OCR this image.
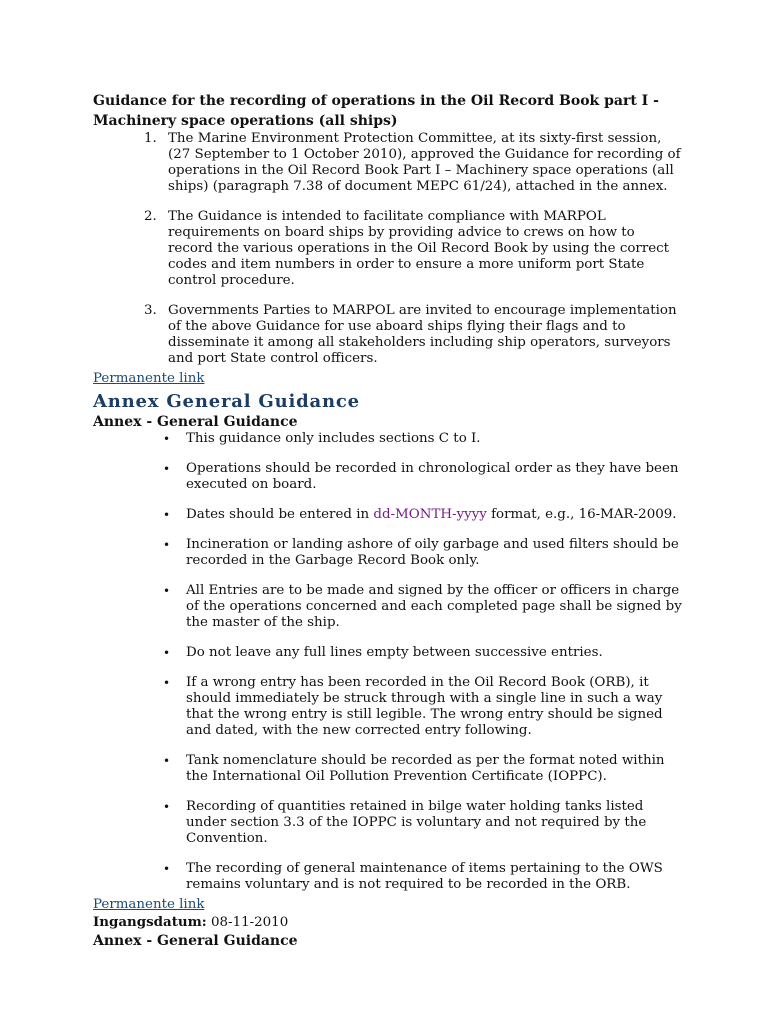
Guidance for the recording of operations in the Oil Record Book part I - Machinery space operations (all ships)

1. The Marine Environment Protection Committee, at its sixty-first session, (27 September to 1 October 2010), approved the Guidance for recording of operations in the Oil Record Book Part I – Machinery space operations (all ships) (paragraph 7.38 of document MEPC 61/24), attached in the annex.
2. The Guidance is intended to facilitate compliance with MARPOL requirements on board ships by providing advice to crews on how to record the various operations in the Oil Record Book by using the correct codes and item numbers in order to ensure a more uniform port State control procedure.
3. Governments Parties to MARPOL are invited to encourage implementation of the above Guidance for use aboard ships flying their flags and to disseminate it among all stakeholders including ship operators, surveyors and port State control officers.
Permanente link
Annex General Guidance

Annex - General Guidance

• This guidance only includes sections C to I.
• Operations should be recorded in chronological order as they have been executed on board.
• Dates should be entered in dd-MONTH-yyyy format, e.g., 16-MAR-2009.
• Incineration or landing ashore of oily garbage and used filters should be recorded in the Garbage Record Book only.
• All Entries are to be made and signed by the officer or officers in charge of the operations concerned and each completed page shall be signed by the master of the ship.
• Do not leave any full lines empty between successive entries.
• If a wrong entry has been recorded in the Oil Record Book (ORB), it should immediately be struck through with a single line in such a way that the wrong entry is still legible. The wrong entry should be signed and dated, with the new corrected entry following.
• Tank nomenclature should be recorded as per the format noted within the International Oil Pollution Prevention Certificate (IOPPC).
• Recording of quantities retained in bilge water holding tanks listed under section 3.3 of the IOPPC is voluntary and not required by the Convention.
• The recording of general maintenance of items pertaining to the OWS remains voluntary and is not required to be recorded in the ORB.
Permanente link
Ingangsdatum: 08-11-2010

Annex - General Guidance
